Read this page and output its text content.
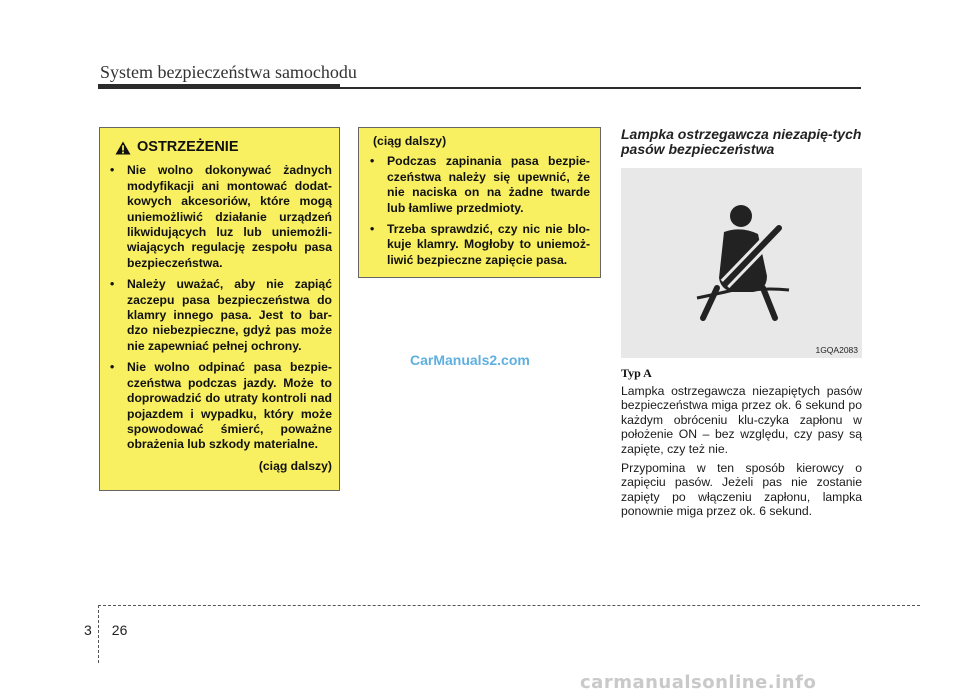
System bezpieczeństwa samochodu
OSTRZEŻENIE
• Nie wolno dokonywać żadnych modyfikacji ani montować dodat-kowych akcesoriów, które mogą uniemożliwić działanie urządzeń likwidujących luz lub uniemożli-wiających regulację zespołu pasa bezpieczeństwa.
• Należy uważać, aby nie zapiąć zaczepu pasa bezpieczeństwa do klamry innego pasa. Jest to bar-dzo niebezpieczne, gdyż pas może nie zapewniać pełnej ochrony.
• Nie wolno odpinać pasa bezpie-czeństwa podczas jazdy. Może to doprowadzić do utraty kontroli nad pojazdem i wypadku, który może spowodować śmierć, poważne obrażenia lub szkody materialne.
(ciąg dalszy)
(ciąg dalszy)
• Podczas zapinania pasa bezpie-czeństwa należy się upewnić, że nie naciska on na żadne twarde lub łamliwe przedmioty.
• Trzeba sprawdzić, czy nic nie blo-kuje klamry. Mogłoby to uniemoż-liwić bezpieczne zapięcie pasa.
CarManuals2.com
Lampka ostrzegawcza niezapię-tych pasów bezpieczeństwa
1GQA2083
Typ A

Lampka ostrzegawcza niezapiętych pasów bezpieczeństwa miga przez ok. 6 sekund po każdym obróceniu klu-czyka zapłonu w położenie ON – bez względu, czy pasy są zapięte, czy też nie.

Przypomina w ten sposób kierowcy o zapięciu pasów. Jeżeli pas nie zostanie zapięty po włączeniu zapłonu, lampka ponownie miga przez ok. 6 sekund.

3 26
carmanualsonline.info
